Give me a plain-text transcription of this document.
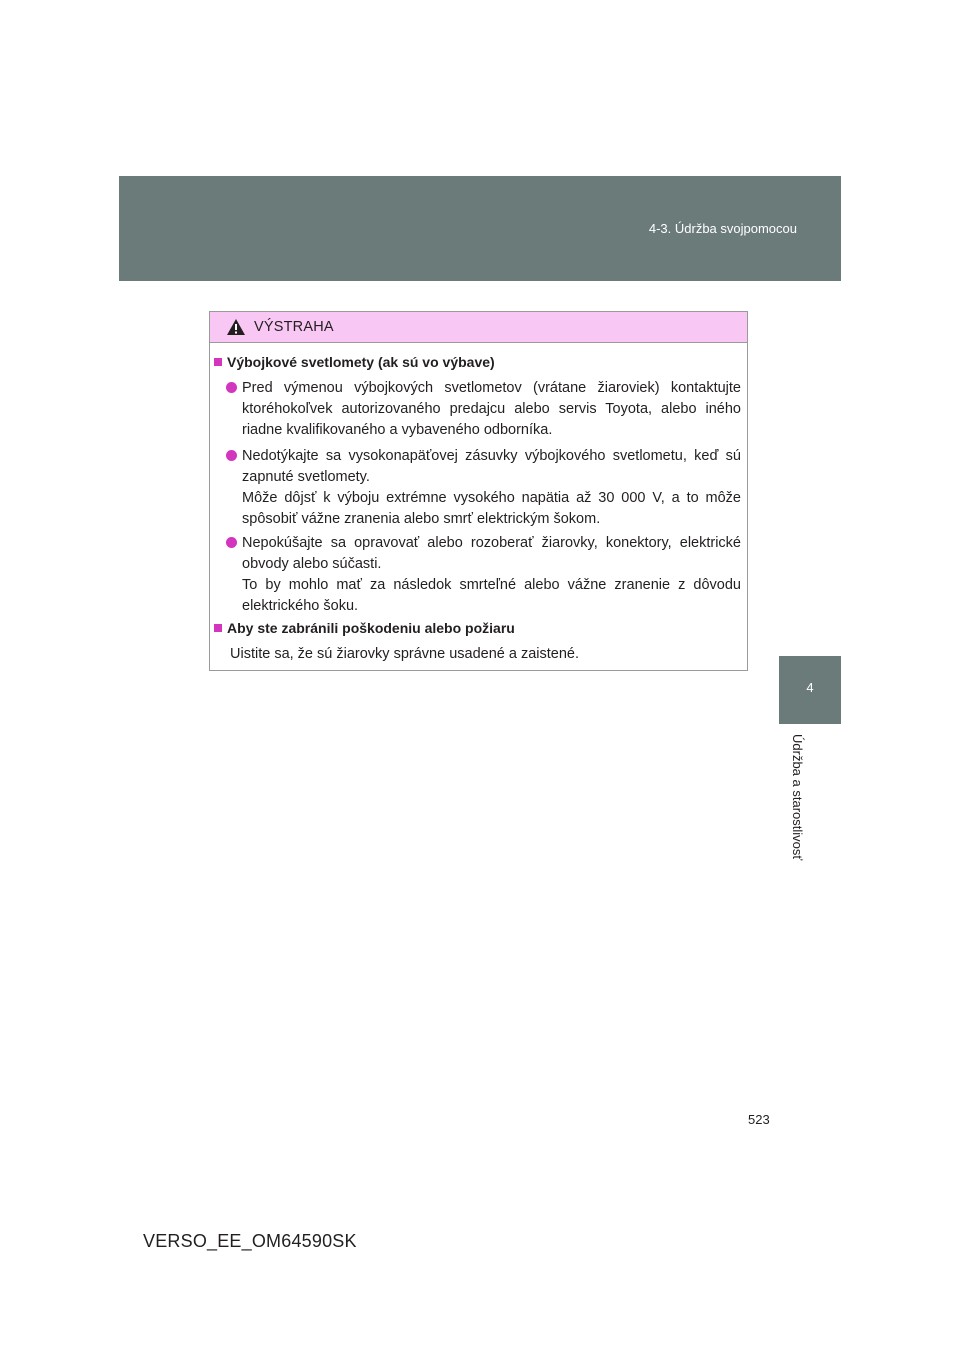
4-3. Údržba svojpomocou
4
Údržba a starostlivosť
VÝSTRAHA
Výbojkové svetlomety (ak sú vo výbave)

Pred výmenou výbojkových svetlometov (vrátane žiaroviek) kontaktujte ktoréhokoľvek autorizovaného predajcu alebo servis Toyota, alebo iného riadne kvalifikovaného a vybaveného odborníka.

Nedotýkajte sa vysokonapäťovej zásuvky výbojkového svetlometu, keď sú zapnuté svetlomety.

Môže dôjsť k výboju extrémne vysokého napätia až 30 000 V, a to môže spôsobiť vážne zranenia alebo smrť elektrickým šokom.

Nepokúšajte sa opravovať alebo rozoberať žiarovky, konektory, elektrické obvody alebo súčasti.

To by mohlo mať za následok smrteľné alebo vážne zranenie z dôvodu elektrického šoku.

Aby ste zabránili poškodeniu alebo požiaru
Uistite sa, že sú žiarovky správne usadené a zaistené.
523
VERSO_EE_OM64590SK
